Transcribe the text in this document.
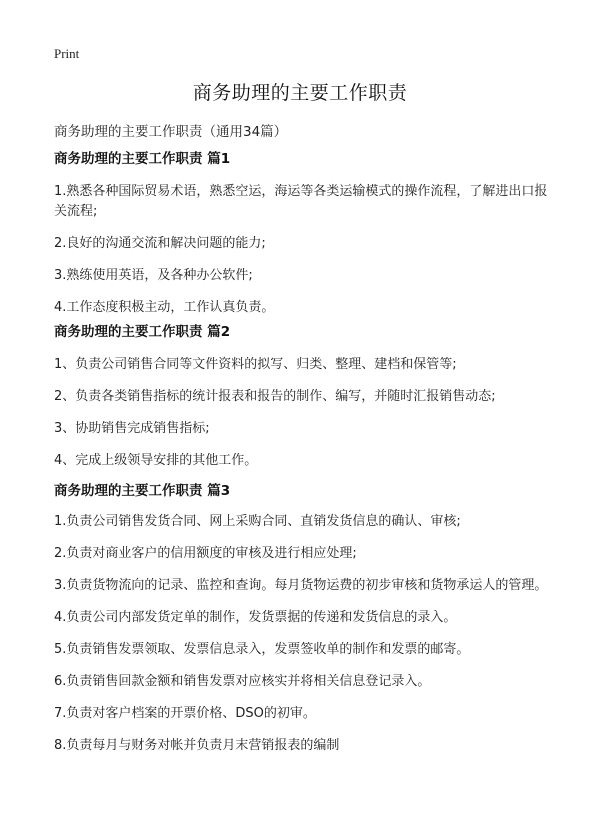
Print
商务助理的主要工作职责
商务助理的主要工作职责（通用34篇）

商务助理的主要工作职责 篇1

1.熟悉各种国际贸易术语，熟悉空运，海运等各类运输模式的操作流程，了解进出口报关流程;

2.良好的沟通交流和解决问题的能力;

3.熟练使用英语，及各种办公软件;

4.工作态度积极主动，工作认真负责。

商务助理的主要工作职责 篇2

1、负责公司销售合同等文件资料的拟写、归类、整理、建档和保管等;

2、负责各类销售指标的统计报表和报告的制作、编写，并随时汇报销售动态;

3、协助销售完成销售指标;

4、完成上级领导安排的其他工作。

商务助理的主要工作职责 篇3

1.负责公司销售发货合同、网上采购合同、直销发货信息的确认、审核;

2.负责对商业客户的信用额度的审核及进行相应处理;

3.负责货物流向的记录、监控和查询。每月货物运费的初步审核和货物承运人的管理。

4.负责公司内部发货定单的制作，发货票据的传递和发货信息的录入。

5.负责销售发票领取、发票信息录入，发票签收单的制作和发票的邮寄。

6.负责销售回款金额和销售发票对应核实并将相关信息登记录入。

7.负责对客户档案的开票价格、DSO的初审。

8.负责每月与财务对帐并负责月末营销报表的编制
